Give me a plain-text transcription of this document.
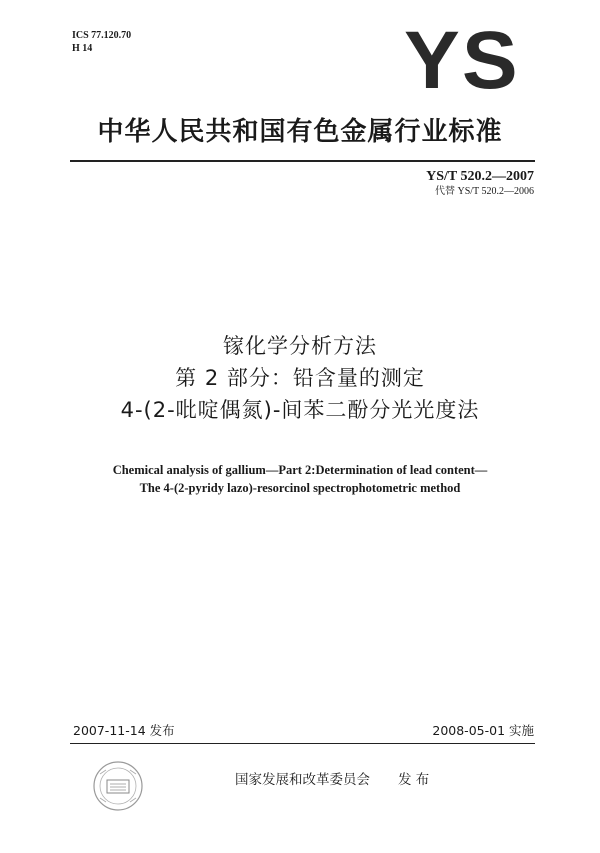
ICS 77.120.70
H 14	YS
中华人民共和国有色金属行业标准
YS/T 520.2—2007
代替 YS/T 520.2—2006
镓化学分析方法
第 2 部分：铅含量的测定
4-(2-吡啶偶氮)-间苯二酚分光光度法
Chemical analysis of gallium—Part 2:Determination of lead content—
The 4-(2-pyridy lazo)-resorcinol spectrophotometric method
2007-11-14 发布	2008-05-01 实施
国家发展和改革委员会 发 布
